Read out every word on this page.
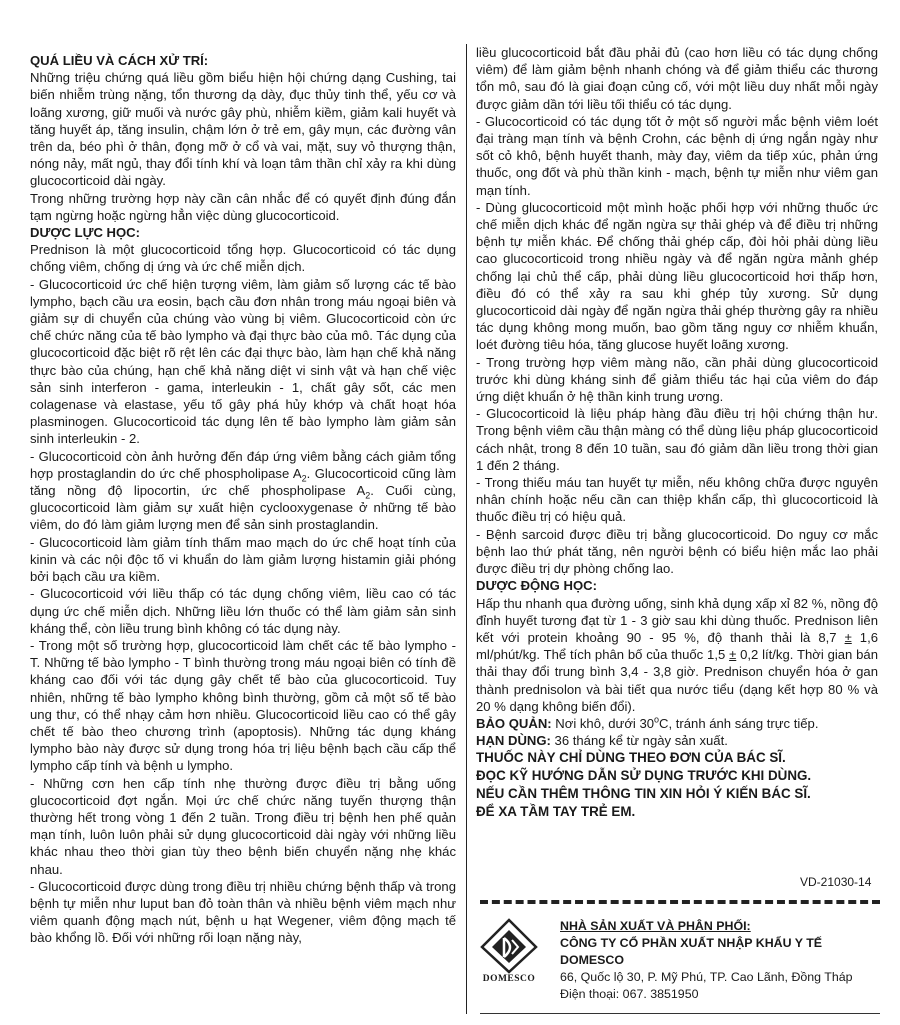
QUÁ LIỀU VÀ CÁCH XỬ TRÍ:

Những triệu chứng quá liều gồm biểu hiện hội chứng dạng Cushing, tai biến nhiễm trùng nặng, tổn thương dạ dày, đục thủy tinh thể, yếu cơ và loãng xương, giữ muối và nước gây phù, nhiễm kiềm, giảm kali huyết và tăng huyết áp, tăng insulin, chậm lớn ở trẻ em, gây mụn, các đường vân trên da, béo phì ở thân, đọng mỡ ở cổ và vai, mặt, suy vỏ thượng thận, nóng nảy, mất ngủ, thay đổi tính khí và loạn tâm thần chỉ xảy ra khi dùng glucocorticoid dài ngày.

Trong những trường hợp này cần cân nhắc để có quyết định đúng đắn tạm ngừng hoặc ngừng hẳn việc dùng glucocorticoid.

DƯỢC LỰC HỌC:

Prednison là một glucocorticoid tổng hợp. Glucocorticoid có tác dụng chống viêm, chống dị ứng và ức chế miễn dịch.

- Glucocorticoid ức chế hiện tượng viêm, làm giảm số lượng các tế bào lympho, bạch cầu ưa eosin, bạch cầu đơn nhân trong máu ngoại biên và giảm sự di chuyển của chúng vào vùng bị viêm. Glucocorticoid còn ức chế chức năng của tế bào lympho và đại thực bào của mô. Tác dụng của glucocorticoid đặc biệt rõ rệt lên các đại thực bào, làm hạn chế khả năng thực bào của chúng, hạn chế khả năng diệt vi sinh vật và hạn chế việc sản sinh interferon - gama, interleukin - 1, chất gây sốt, các men colagenase và elastase, yếu tố gây phá hủy khớp và chất hoạt hóa plasminogen. Glucocorticoid tác dụng lên tế bào lympho làm giảm sản sinh interleukin - 2.

- Glucocorticoid còn ảnh hưởng đến đáp ứng viêm bằng cách giảm tổng hợp prostaglandin do ức chế phospholipase $A_2$. Glucocorticoid cũng làm tăng nồng độ lipocortin, ức chế phospholipase $A_2$. Cuối cùng, glucocorticoid làm giảm sự xuất hiện cyclooxygenase ở những tế bào viêm, do đó làm giảm lượng men để sản sinh prostaglandin.

- Glucocorticoid làm giảm tính thấm mao mạch do ức chế hoạt tính của kinin và các nội độc tố vi khuẩn do làm giảm lượng histamin giải phóng bởi bạch cầu ưa kiềm.

- Glucocorticoid với liều thấp có tác dụng chống viêm, liều cao có tác dụng ức chế miễn dịch. Những liều lớn thuốc có thể làm giảm sản sinh kháng thể, còn liều trung bình không có tác dụng này.

- Trong một số trường hợp, glucocorticoid làm chết các tế bào lympho - T. Những tế bào lympho - T bình thường trong máu ngoại biên có tính đề kháng cao đối với tác dụng gây chết tế bào của glucocorticoid. Tuy nhiên, những tế bào lympho không bình thường, gồm cả một số tế bào ung thư, có thể nhạy cảm hơn nhiều. Glucocorticoid liều cao có thể gây chết tế bào theo chương trình (apoptosis). Những tác dụng kháng lympho bào này được sử dụng trong hóa trị liệu bệnh bạch cầu cấp thể lympho cấp tính và bệnh u lympho.

- Những cơn hen cấp tính nhẹ thường được điều trị bằng uống glucocorticoid đợt ngắn. Mọi ức chế chức năng tuyến thượng thận thường hết trong vòng 1 đến 2 tuần. Trong điều trị bệnh hen phế quản mạn tính, luôn luôn phải sử dụng glucocorticoid dài ngày với những liều khác nhau theo thời gian tùy theo bệnh biến chuyển nặng nhẹ khác nhau.

- Glucocorticoid được dùng trong điều trị nhiều chứng bệnh thấp và trong bệnh tự miễn như luput ban đỏ toàn thân và nhiều bệnh viêm mạch như viêm quanh động mạch nút, bệnh u hạt Wegener, viêm động mạch tế bào khổng lồ. Đối với những rối loạn nặng này,

liều glucocorticoid bắt đầu phải đủ (cao hơn liều có tác dụng chống viêm) để làm giảm bệnh nhanh chóng và để giảm thiểu các thương tổn mô, sau đó là giai đoạn củng cố, với một liều duy nhất mỗi ngày được giảm dần tới liều tối thiểu có tác dụng.

- Glucocorticoid có tác dụng tốt ở một số người mắc bệnh viêm loét đại tràng mạn tính và bệnh Crohn, các bệnh dị ứng ngắn ngày như sốt cỏ khô, bệnh huyết thanh, mày đay, viêm da tiếp xúc, phản ứng thuốc, ong đốt và phù thần kinh - mạch, bệnh tự miễn như viêm gan mạn tính.

- Dùng glucocorticoid một mình hoặc phối hợp với những thuốc ức chế miễn dịch khác để ngăn ngừa sự thải ghép và để điều trị những bệnh tự miễn khác. Để chống thải ghép cấp, đòi hỏi phải dùng liều cao glucocorticoid trong nhiều ngày và để ngăn ngừa mảnh ghép chống lại chủ thể cấp, phải dùng liều glucocorticoid hơi thấp hơn, điều đó có thể xảy ra sau khi ghép tủy xương. Sử dụng glucocorticoid dài ngày để ngăn ngừa thải ghép thường gây ra nhiều tác dụng không mong muốn, bao gồm tăng nguy cơ nhiễm khuẩn, loét đường tiêu hóa, tăng glucose huyết loãng xương.

- Trong trường hợp viêm màng não, cần phải dùng glucocorticoid trước khi dùng kháng sinh để giảm thiểu tác hại của viêm do đáp ứng diệt khuẩn ở hệ thần kinh trung ương.

- Glucocorticoid là liệu pháp hàng đầu điều trị hội chứng thận hư. Trong bệnh viêm cầu thận màng có thể dùng liệu pháp glucocorticoid cách nhật, trong 8 đến 10 tuần, sau đó giảm dần liều trong thời gian 1 đến 2 tháng.

- Trong thiếu máu tan huyết tự miễn, nếu không chữa được nguyên nhân chính hoặc nếu cần can thiệp khẩn cấp, thì glucocorticoid là thuốc điều trị có hiệu quả.

- Bệnh sarcoid được điều trị bằng glucocorticoid. Do nguy cơ mắc bệnh lao thứ phát tăng, nên người bệnh có biểu hiện mắc lao phải được điều trị dự phòng chống lao.

DƯỢC ĐỘNG HỌC:

Hấp thu nhanh qua đường uống, sinh khả dụng xấp xỉ 82 %, nồng độ đỉnh huyết tương đạt từ 1 - 3 giờ sau khi dùng thuốc. Prednison liên kết với protein khoảng 90 - 95 %, độ thanh thải là 8,7 ± 1,6 ml/phút/kg. Thể tích phân bố của thuốc 1,5 ± 0,2 lít/kg. Thời gian bán thải thay đổi trung bình 3,4 - 3,8 giờ. Prednison chuyển hóa ở gan thành prednisolon và bài tiết qua nước tiểu (dạng kết hợp 80 % và 20 % dạng không biến đổi).

BẢO QUẢN: Nơi khô, dưới 30$^o$C, tránh ánh sáng trực tiếp.

HẠN DÙNG: 36 tháng kể từ ngày sản xuất.

THUỐC NÀY CHỈ DÙNG THEO ĐƠN CỦA BÁC SĨ.

ĐỌC KỸ HƯỚNG DẪN SỬ DỤNG TRƯỚC KHI DÙNG.

NẾU CẦN THÊM THÔNG TIN XIN HỎI Ý KIẾN BÁC SĨ.

ĐỂ XA TẦM TAY TRẺ EM.

VD-21030-14
DOMESCO
NHÀ SẢN XUẤT VÀ PHÂN PHỐI:
CÔNG TY CỔ PHẦN XUẤT NHẬP KHẨU Y TẾ DOMESCO
66, Quốc lộ 30, P. Mỹ Phú, TP. Cao Lãnh, Đồng Tháp
Điện thoại: 067. 3851950
